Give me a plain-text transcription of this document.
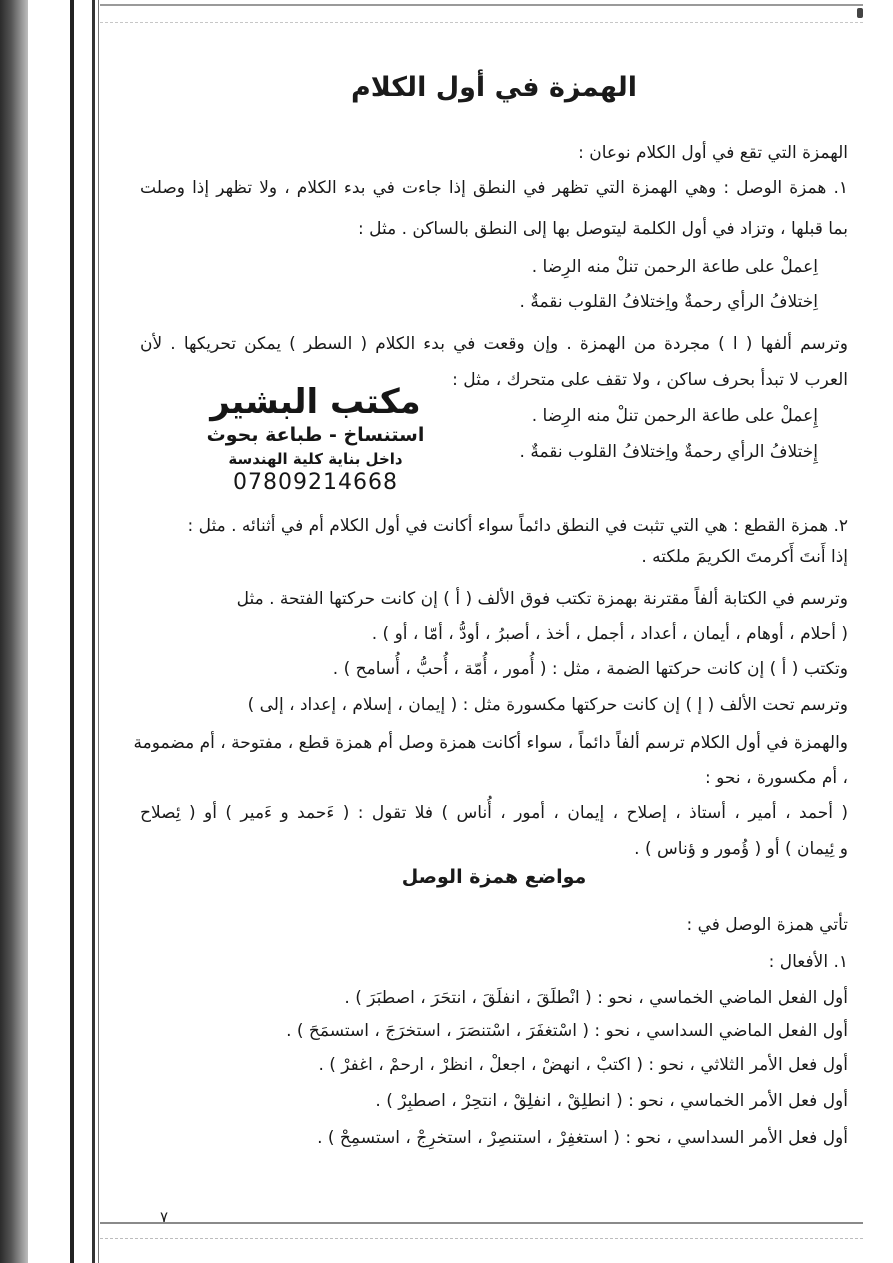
الهمزة في أول الكلام
الهمزة التي تقع في أول الكلام نوعان :
١. همزة الوصل : وهي الهمزة التي تظهر في النطق إذا جاءت في بدء الكلام ، ولا تظهر إذا وصلت
بما قبلها ، وتزاد في أول الكلمة ليتوصل بها إلى النطق بالساكن . مثل :
اِعملْ على طاعة الرحمن تنلْ منه الرِضا .
اِختلافُ الرأي رحمةٌ واِختلافُ القلوب نقمةٌ .
وترسم ألفها ( ا ) مجردة من الهمزة . وإن وقعت في بدء الكلام ( السطر ) يمكن تحريكها . لأن
العرب لا تبدأ بحرف ساكن ، ولا تقف على متحرك ، مثل :
إِعملْ على طاعة الرحمن تنلْ منه الرِضا .
إِختلافُ الرأي رحمةٌ واِختلافُ القلوب نقمةٌ .
٢. همزة القطع : هي التي تثبت في النطق دائماً سواء أكانت في أول الكلام أم في أثنائه . مثل :
إذا أَنتَ أَكرمتَ الكريمَ ملكته .
وترسم في الكتابة ألفاً مقترنة بهمزة تكتب فوق الألف ( أ ) إن كانت حركتها الفتحة . مثل
( أحلام ، أوهام ، أيمان ، أعداد ، أجمل ، أخذ ، أصبرُ ، أودُّ ، أمّا ، أو ) .
وتكتب ( أ ) إن كانت حركتها الضمة ، مثل : ( أُمور ، أُمّة ، أُحبُّ ، أُسامح ) .
وترسم تحت الألف ( إ ) إن كانت حركتها مكسورة مثل : ( إيمان ، إسلام ، إعداد ، إلى )
والهمزة في أول الكلام ترسم ألفاً دائماً ، سواء أكانت همزة وصل أم همزة قطع ، مفتوحة ، أم مضمومة
، أم مكسورة ، نحو :
( أحمد ، أمير ، أستاذ ، إصلاح ، إيمان ، أمور ، أُناس ) فلا تقول : ( ءَحمد و ءَمير ) أو ( ئِصلاح
و ئِيمان ) أو ( ؤُمور و ؤناس ) .
مواضع همزة الوصل
تأتي همزة الوصل في :
١. الأفعال :
أول الفعل الماضي الخماسي ، نحو : ( انْطلَقَ ، انفلَقَ ، انتحَرَ ، اصطبَرَ ) .
أول الفعل الماضي السداسي ، نحو : ( اسْتغفَرَ ، اسْتنصَرَ ، استخرَجَ ، استسمَحَ ) .
أول فعل الأمر الثلاثي ، نحو : ( اكتبْ ، انهضْ ، اجعلْ ، انظرْ ، ارحمْ ، اغفرْ ) .
أول فعل الأمر الخماسي ، نحو : ( انطلِقْ ، انفلِقْ ، انتحِرْ ، اصطبِرْ ) .
أول فعل الأمر السداسي ، نحو : ( استغفِرْ ، استنصِرْ ، استخرِجْ ، استسمِحْ ) .
مكتب البشير
استنساخ - طباعة بحوث
داخل بناية كلية الهندسة
07809214668
٧
